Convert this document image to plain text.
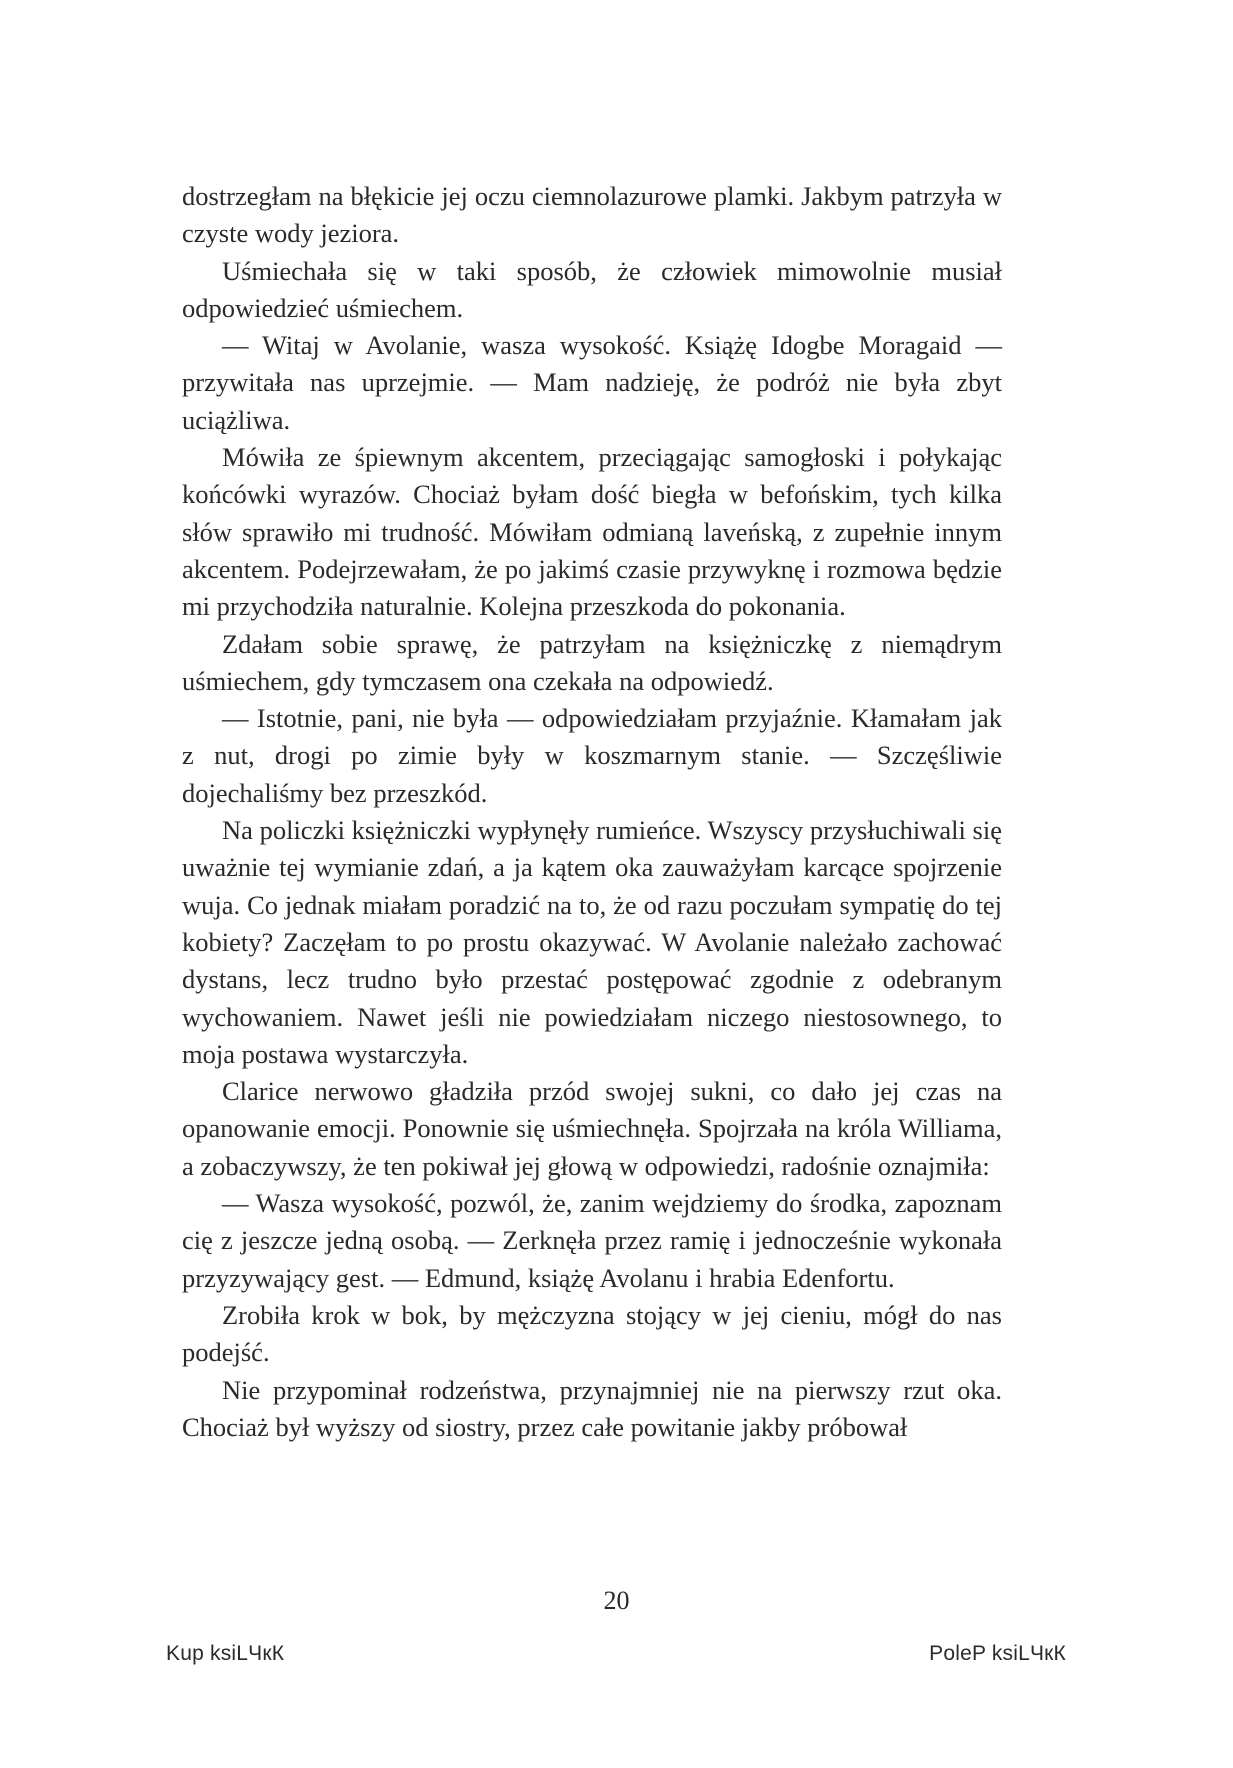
dostrzegłam na błękicie jej oczu ciemnolazurowe plamki. Jakbym patrzyła w czyste wody jeziora.

Uśmiechała się w taki sposób, że człowiek mimowolnie musiał odpowiedzieć uśmiechem.

— Witaj w Avolanie, wasza wysokość. Książę Idogbe Moragaid — przywitała nas uprzejmie. — Mam nadzieję, że podróż nie była zbyt uciążliwa.

Mówiła ze śpiewnym akcentem, przeciągając samogłoski i połykając końcówki wyrazów. Chociaż byłam dość biegła w befońskim, tych kilka słów sprawiło mi trudność. Mówiłam odmianą laveńską, z zupełnie innym akcentem. Podejrzewałam, że po jakimś czasie przywyknę i rozmowa będzie mi przychodziła naturalnie. Kolejna przeszkoda do pokonania.

Zdałam sobie sprawę, że patrzyłam na księżniczkę z niemądrym uśmiechem, gdy tymczasem ona czekała na odpowiedź.

— Istotnie, pani, nie była — odpowiedziałam przyjaźnie. Kłamałam jak z nut, drogi po zimie były w koszmarnym stanie. — Szczęśliwie dojechaliśmy bez przeszkód.

Na policzki księżniczki wypłynęły rumieńce. Wszyscy przysłuchiwali się uważnie tej wymianie zdań, a ja kątem oka zauważyłam karcące spojrzenie wuja. Co jednak miałam poradzić na to, że od razu poczułam sympatię do tej kobiety? Zaczęłam to po prostu okazywać. W Avolanie należało zachować dystans, lecz trudno było przestać postępować zgodnie z odebranym wychowaniem. Nawet jeśli nie powiedziałam niczego niestosownego, to moja postawa wystarczyła.

Clarice nerwowo gładziła przód swojej sukni, co dało jej czas na opanowanie emocji. Ponownie się uśmiechnęła. Spojrzała na króla Williama, a zobaczywszy, że ten pokiwał jej głową w odpowiedzi, radośnie oznajmiła:

— Wasza wysokość, pozwól, że, zanim wejdziemy do środka, zapoznam cię z jeszcze jedną osobą. — Zerknęła przez ramię i jednocześnie wykonała przyzywający gest. — Edmund, książę Avolanu i hrabia Edenfortu.

Zrobiła krok w bok, by mężczyzna stojący w jej cieniu, mógł do nas podejść.

Nie przypominał rodzeństwa, przynajmniej nie na pierwszy rzut oka. Chociaż był wyższy od siostry, przez całe powitanie jakby próbował

20
Kup ksiLЧкК	PoleP ksiLЧкК
